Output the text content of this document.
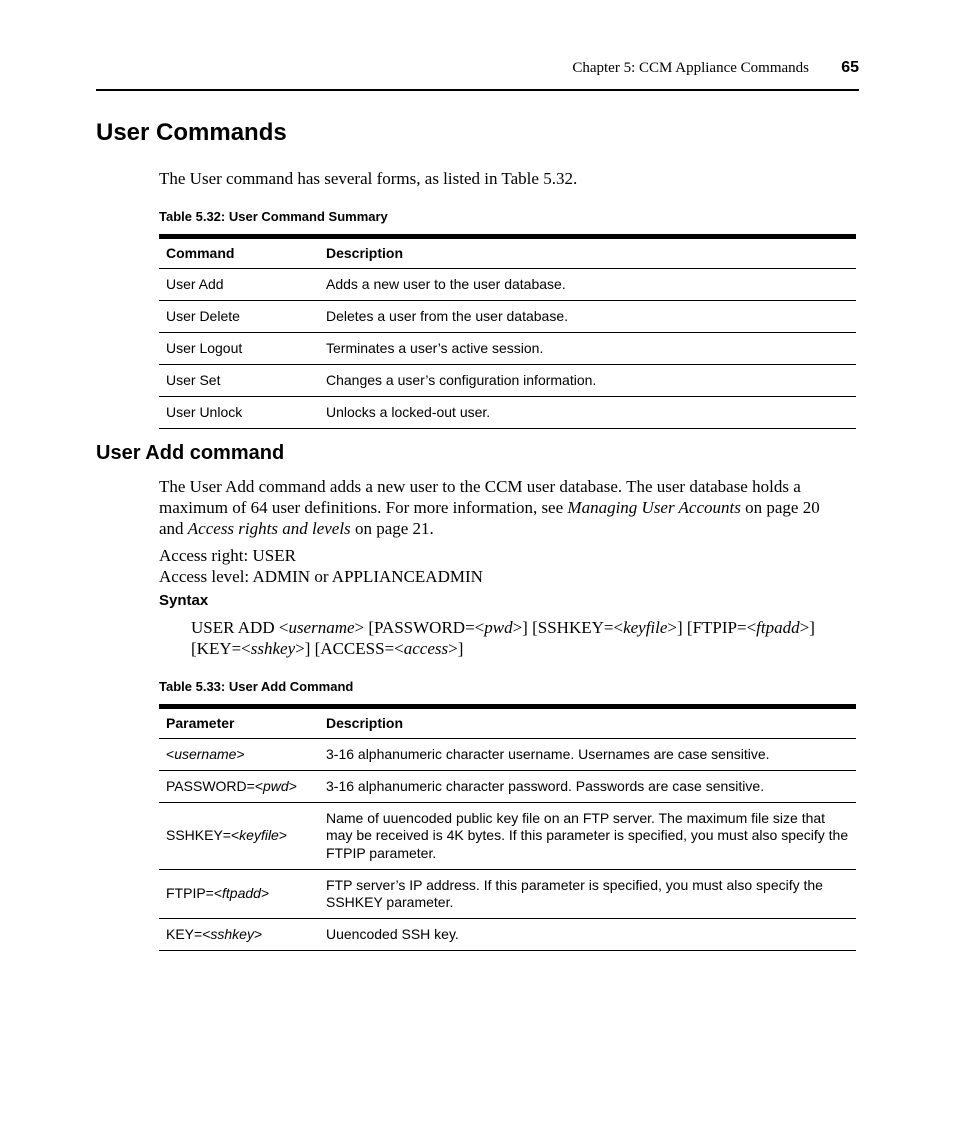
Chapter 5: CCM Appliance Commands 65
User Commands

The User command has several forms, as listed in Table 5.32.

Table 5.32: User Command Summary

Command	Description
User Add	Adds a new user to the user database.
User Delete	Deletes a user from the user database.
User Logout	Terminates a user’s active session.
User Set	Changes a user’s configuration information.
User Unlock	Unlocks a locked-out user.
User Add command

The User Add command adds a new user to the CCM user database. The user database holds a

maximum of 64 user definitions. For more information, see Managing User Accounts on page 20

and Access rights and levels on page 21.

Access right: USER

Access level: ADMIN or APPLIANCEADMIN

Syntax

USER ADD <username> [PASSWORD=<pwd>] [SSHKEY=<keyfile>] [FTPIP=<ftpadd>]

[KEY=<sshkey>] [ACCESS=<access>]

Table 5.33: User Add Command

Parameter	Description
<username>	3-16 alphanumeric character username. Usernames are case sensitive.
PASSWORD=<pwd>	3-16 alphanumeric character password. Passwords are case sensitive.
SSHKEY=<keyfile>	Name of uuencoded public key file on an FTP server. The maximum file size that may be received is 4K bytes. If this parameter is specified, you must also specify the FTPIP parameter.
FTPIP=<ftpadd>	FTP server’s IP address. If this parameter is specified, you must also specify the SSHKEY parameter.
KEY=<sshkey>	Uuencoded SSH key.
